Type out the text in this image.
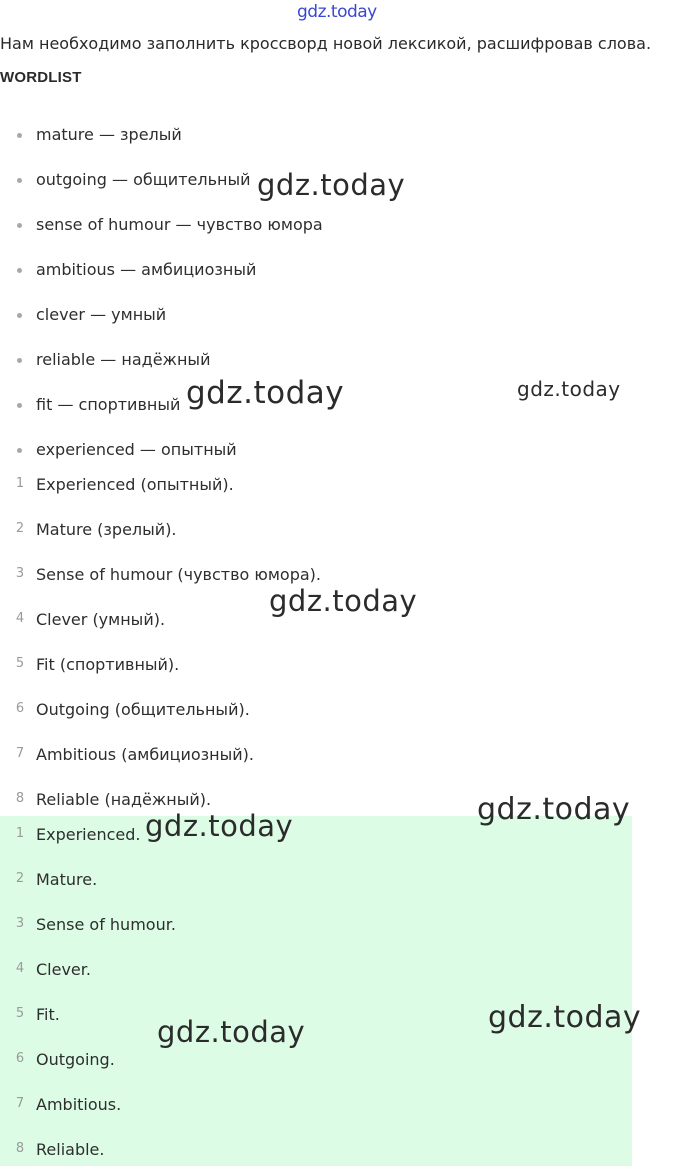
gdz.today
Нам необходимо заполнить кроссворд новой лексикой, расшифровав слова.
WORDLIST
mature — зрелый
outgoing — общительный
sense of humour — чувство юмора
ambitious — амбициозный
clever — умный
reliable — надёжный
fit — спортивный
experienced — опытный
1 Experienced (опытный).
2 Mature (зрелый).
3 Sense of humour (чувство юмора).
4 Clever (умный).
5 Fit (спортивный).
6 Outgoing (общительный).
7 Ambitious (амбициозный).
8 Reliable (надёжный).
1 Experienced.
2 Mature.
3 Sense of humour.
4 Clever.
5 Fit.
6 Outgoing.
7 Ambitious.
8 Reliable.
gdz.today
gdz.today
gdz.today
gdz.today
gdz.today
gdz.today
gdz.today
gdz.today
